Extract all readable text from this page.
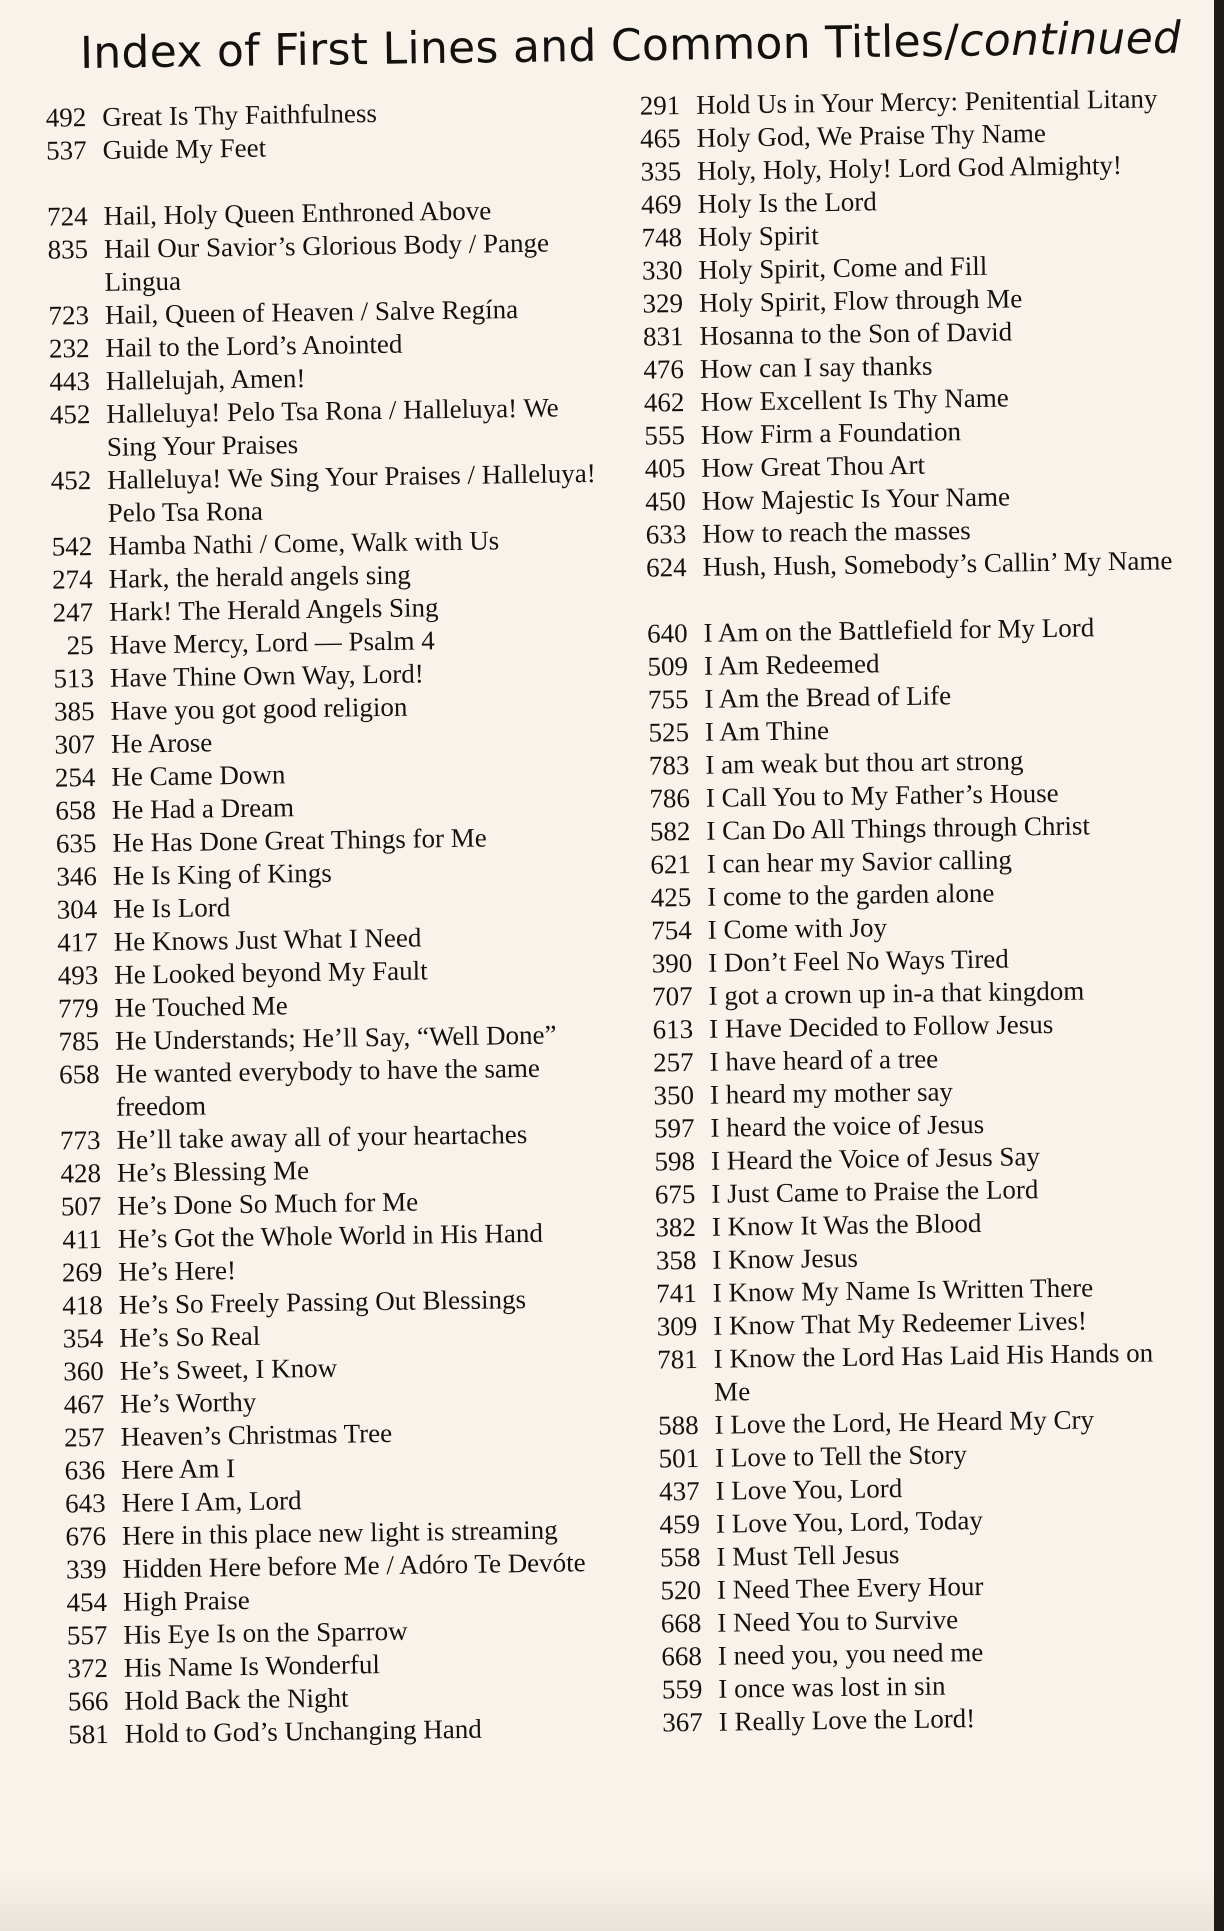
Index of First Lines and Common Titles/continued
492 Great Is Thy Faithfulness
537 Guide My Feet
724 Hail, Holy Queen Enthroned Above
835 Hail Our Savior’s Glorious Body / Pange Lingua
723 Hail, Queen of Heaven / Salve Regína
232 Hail to the Lord’s Anointed
443 Hallelujah, Amen!
452 Halleluya! Pelo Tsa Rona / Halleluya! We Sing Your Praises
452 Halleluya! We Sing Your Praises / Halleluya! Pelo Tsa Rona
542 Hamba Nathi / Come, Walk with Us
274 Hark, the herald angels sing
247 Hark! The Herald Angels Sing
25 Have Mercy, Lord — Psalm 4
513 Have Thine Own Way, Lord!
385 Have you got good religion
307 He Arose
254 He Came Down
658 He Had a Dream
635 He Has Done Great Things for Me
346 He Is King of Kings
304 He Is Lord
417 He Knows Just What I Need
493 He Looked beyond My Fault
779 He Touched Me
785 He Understands; He’ll Say, “Well Done”
658 He wanted everybody to have the same freedom
773 He’ll take away all of your heartaches
428 He’s Blessing Me
507 He’s Done So Much for Me
411 He’s Got the Whole World in His Hand
269 He’s Here!
418 He’s So Freely Passing Out Blessings
354 He’s So Real
360 He’s Sweet, I Know
467 He’s Worthy
257 Heaven’s Christmas Tree
636 Here Am I
643 Here I Am, Lord
676 Here in this place new light is streaming
339 Hidden Here before Me / Adóro Te Devóte
454 High Praise
557 His Eye Is on the Sparrow
372 His Name Is Wonderful
566 Hold Back the Night
581 Hold to God’s Unchanging Hand
291 Hold Us in Your Mercy: Penitential Litany
465 Holy God, We Praise Thy Name
335 Holy, Holy, Holy! Lord God Almighty!
469 Holy Is the Lord
748 Holy Spirit
330 Holy Spirit, Come and Fill
329 Holy Spirit, Flow through Me
831 Hosanna to the Son of David
476 How can I say thanks
462 How Excellent Is Thy Name
555 How Firm a Foundation
405 How Great Thou Art
450 How Majestic Is Your Name
633 How to reach the masses
624 Hush, Hush, Somebody’s Callin’ My Name
640 I Am on the Battlefield for My Lord
509 I Am Redeemed
755 I Am the Bread of Life
525 I Am Thine
783 I am weak but thou art strong
786 I Call You to My Father’s House
582 I Can Do All Things through Christ
621 I can hear my Savior calling
425 I come to the garden alone
754 I Come with Joy
390 I Don’t Feel No Ways Tired
707 I got a crown up in-a that kingdom
613 I Have Decided to Follow Jesus
257 I have heard of a tree
350 I heard my mother say
597 I heard the voice of Jesus
598 I Heard the Voice of Jesus Say
675 I Just Came to Praise the Lord
382 I Know It Was the Blood
358 I Know Jesus
741 I Know My Name Is Written There
309 I Know That My Redeemer Lives!
781 I Know the Lord Has Laid His Hands on Me
588 I Love the Lord, He Heard My Cry
501 I Love to Tell the Story
437 I Love You, Lord
459 I Love You, Lord, Today
558 I Must Tell Jesus
520 I Need Thee Every Hour
668 I Need You to Survive
668 I need you, you need me
559 I once was lost in sin
367 I Really Love the Lord!
